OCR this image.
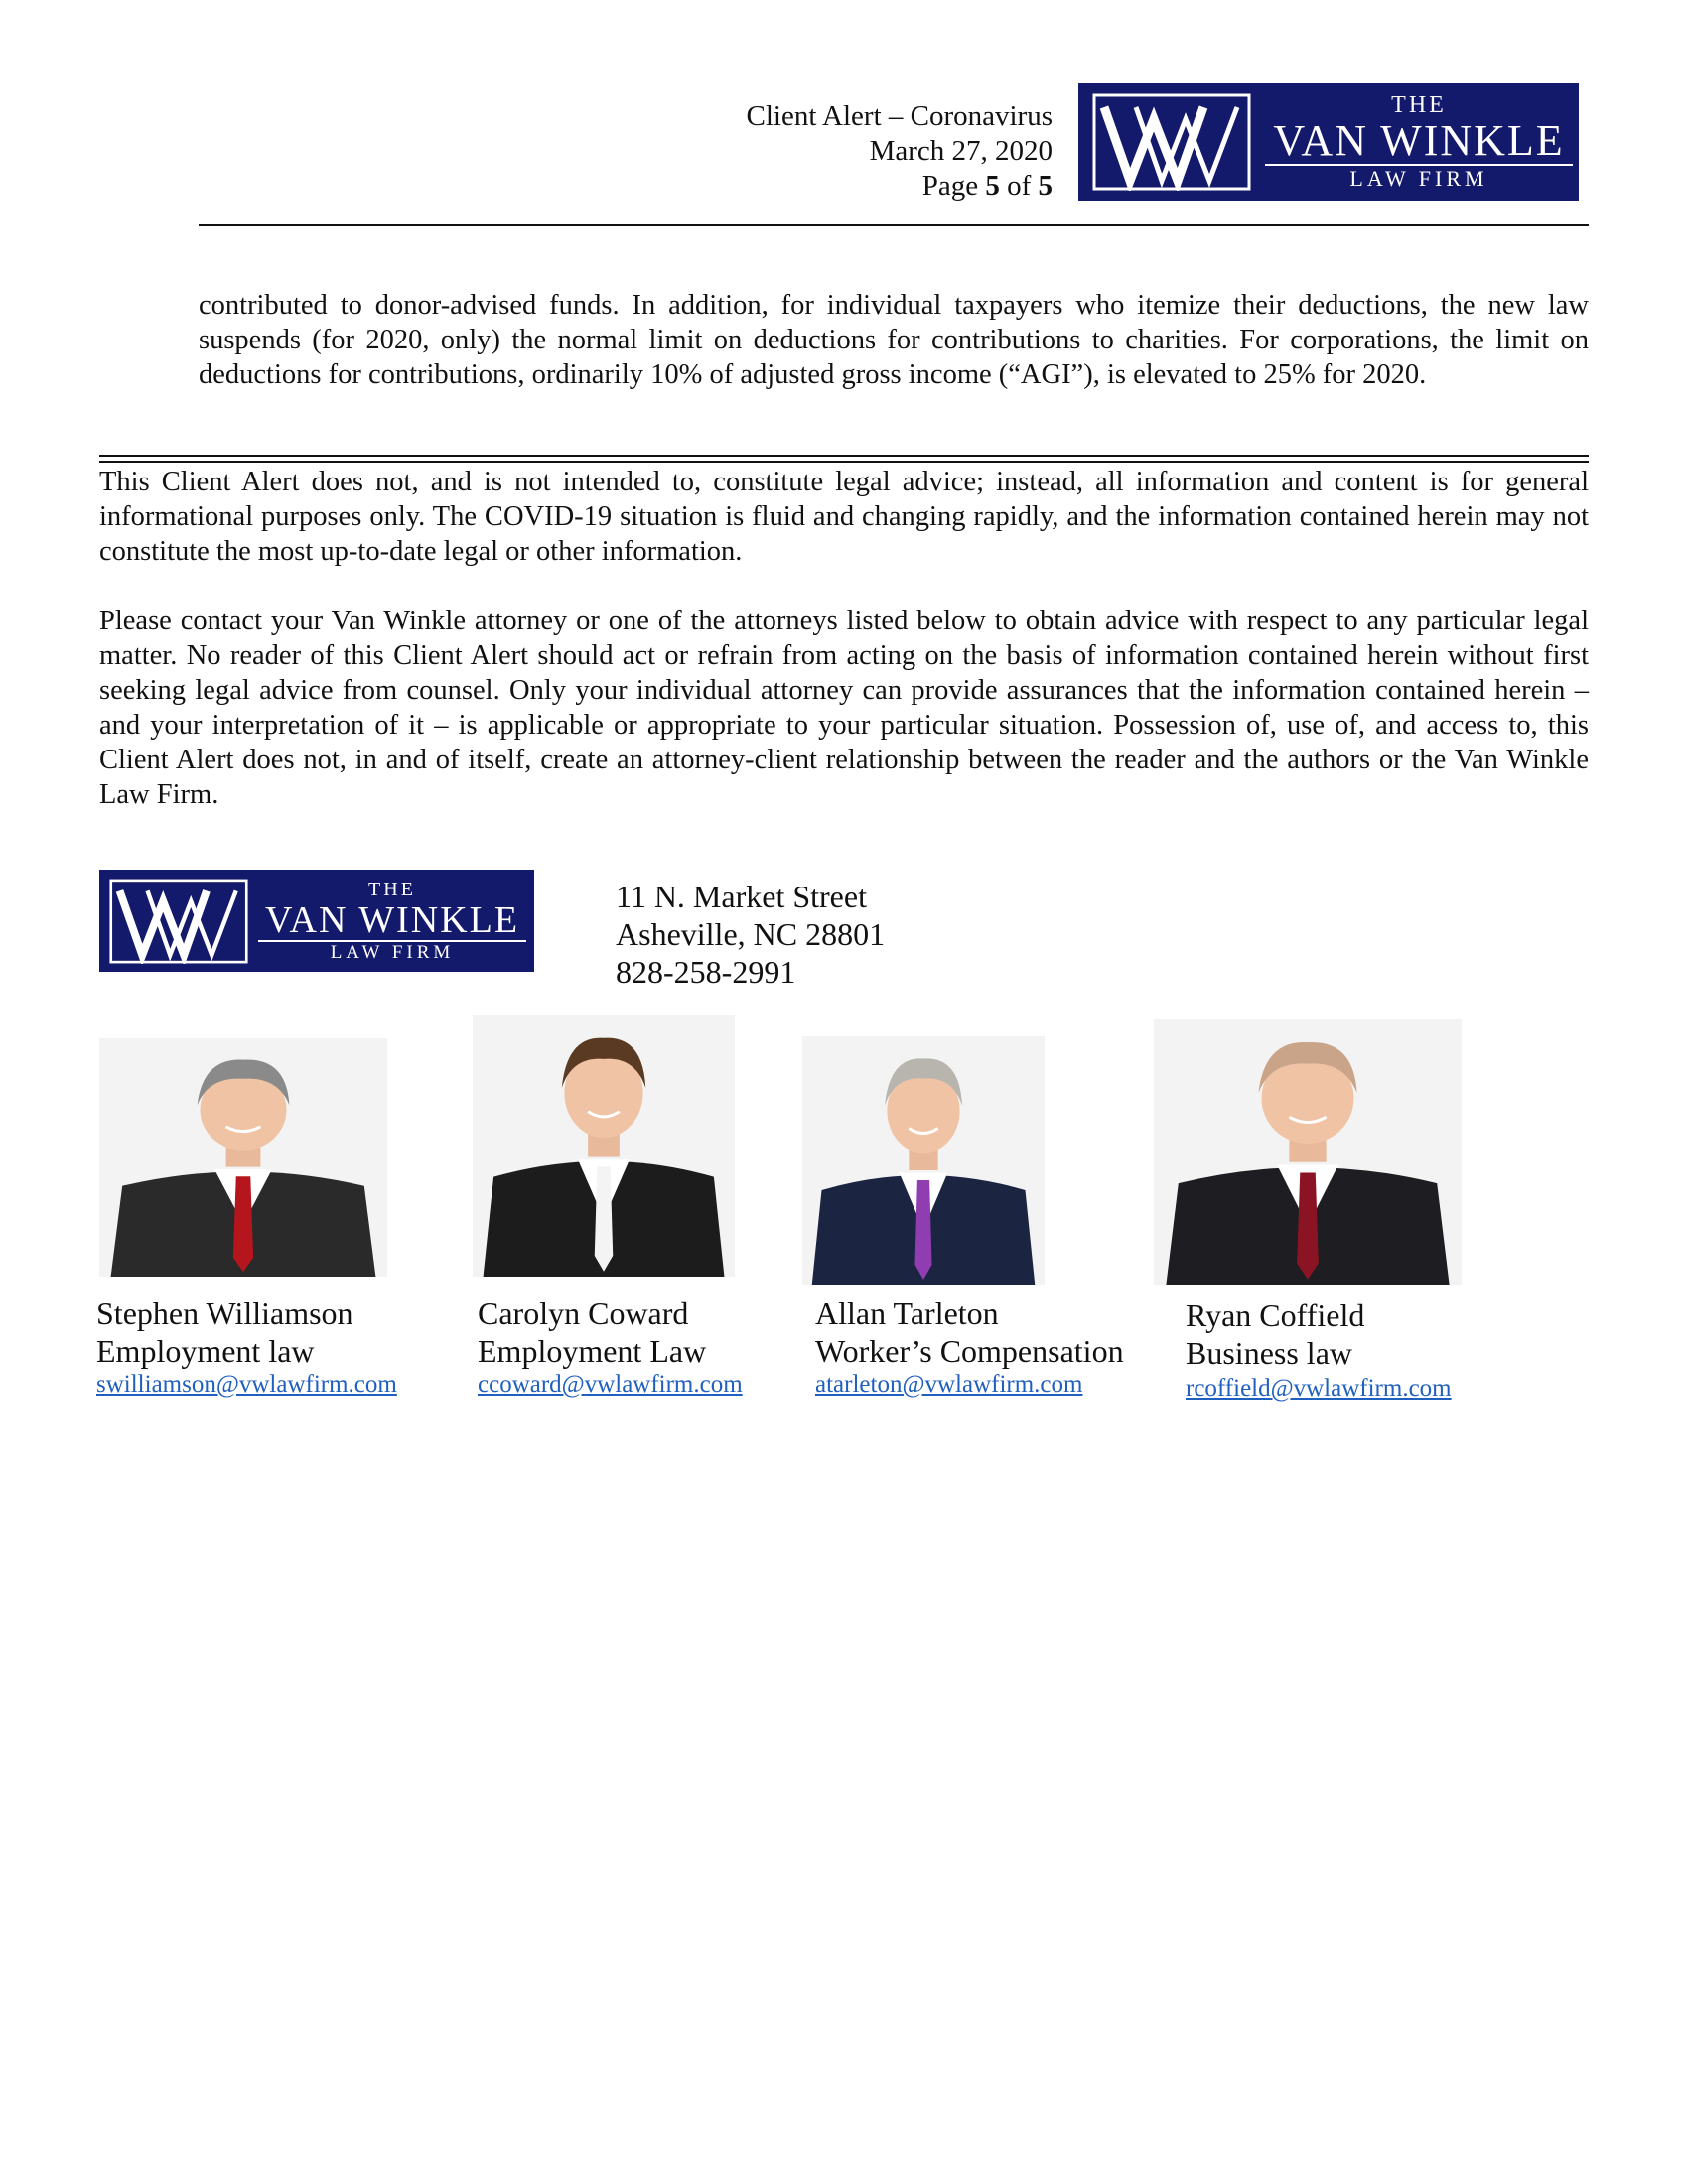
Client Alert – Coronavirus
March 27, 2020
Page 5 of 5
THE
VAN WINKLE
LAW FIRM
contributed to donor-advised funds. In addition, for individual taxpayers who itemize their deductions, the new law suspends (for 2020, only) the normal limit on deductions for contributions to charities. For corporations, the limit on deductions for contributions, ordinarily 10% of adjusted gross income (“AGI”), is elevated to 25% for 2020.
This Client Alert does not, and is not intended to, constitute legal advice; instead, all information and content is for general informational purposes only. The COVID-19 situation is fluid and changing rapidly, and the information contained herein may not constitute the most up-to-date legal or other information.
Please contact your Van Winkle attorney or one of the attorneys listed below to obtain advice with respect to any particular legal matter. No reader of this Client Alert should act or refrain from acting on the basis of information contained herein without first seeking legal advice from counsel. Only your individual attorney can provide assurances that the information contained herein – and your interpretation of it – is applicable or appropriate to your particular situation. Possession of, use of, and access to, this Client Alert does not, in and of itself, create an attorney-client relationship between the reader and the authors or the Van Winkle Law Firm.
THE
VAN WINKLE
LAW FIRM
11 N. Market Street
Asheville, NC 28801
828-258-2991
Stephen Williamson
Employment law
swilliamson@vwlawfirm.com
Carolyn Coward
Employment Law
ccoward@vwlawfirm.com
Allan Tarleton
Worker’s Compensation
atarleton@vwlawfirm.com
Ryan Coffield
Business law
rcoffield@vwlawfirm.com
